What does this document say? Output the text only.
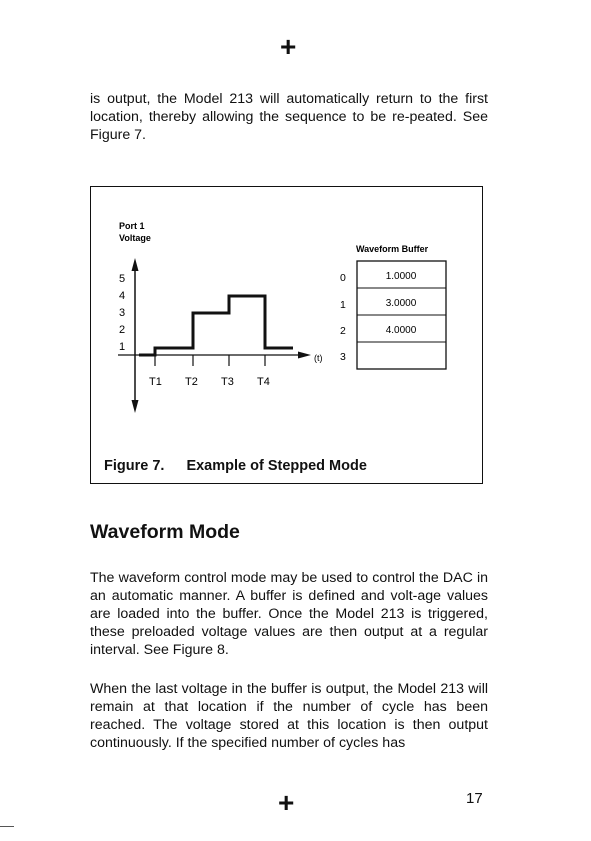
+

is output, the Model 213 will automatically return to the first location, thereby allowing the sequence to be re-peated. See Figure 7.

Port 1
Voltage
5
4
3
2
1
(t)
T1 T2 T3 T4
Waveform Buffer
0
1
2
3
1.0000
3.0000
4.0000
Figure 7. Example of Stepped Mode
Waveform Mode

The waveform control mode may be used to control the DAC in an automatic manner. A buffer is defined and volt-age values are loaded into the buffer. Once the Model 213 is triggered, these preloaded voltage values are then output at a regular interval. See Figure 8.

When the last voltage in the buffer is output, the Model 213 will remain at that location if the number of cycle has been reached. The voltage stored at this location is then output continuously. If the specified number of cycles has

+	17
